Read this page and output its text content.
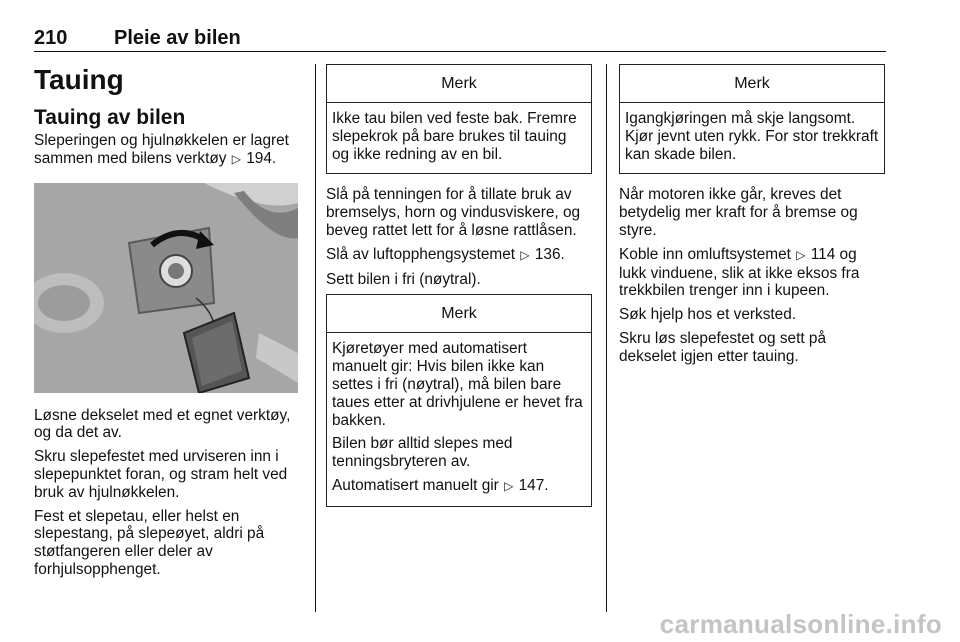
210 Pleie av bilen
Tauing
Tauing av bilen

Sleperingen og hjulnøkkelen er lagret sammen med bilens verktøy ▷ 194.

Løsne dekselet med et egnet verktøy, og da det av.

Skru slepefestet med urviseren inn i slepepunktet foran, og stram helt ved bruk av hjulnøkkelen.

Fest et slepetau, eller helst en slepestang, på slepeøyet, aldri på støtfangeren eller deler av forhjulsopphenget.

Merk

Ikke tau bilen ved feste bak. Fremre slepekrok på bare brukes til tauing og ikke redning av en bil.

Slå på tenningen for å tillate bruk av bremselys, horn og vindusviskere, og beveg rattet lett for å løsne rattlåsen.

Slå av luftopphengsystemet ▷ 136.

Sett bilen i fri (nøytral).

Merk

Kjøretøyer med automatisert manuelt gir: Hvis bilen ikke kan settes i fri (nøytral), må bilen bare taues etter at drivhjulene er hevet fra bakken.

Bilen bør alltid slepes med tenningsbryteren av.

Automatisert manuelt gir ▷ 147.

Merk

Igangkjøringen må skje langsomt. Kjør jevnt uten rykk. For stor trekkraft kan skade bilen.

Når motoren ikke går, kreves det betydelig mer kraft for å bremse og styre.

Koble inn omluftsystemet ▷ 114 og lukk vinduene, slik at ikke eksos fra trekkbilen trenger inn i kupeen.

Søk hjelp hos et verksted.

Skru løs slepefestet og sett på dekselet igjen etter tauing.

carmanualsonline.info
